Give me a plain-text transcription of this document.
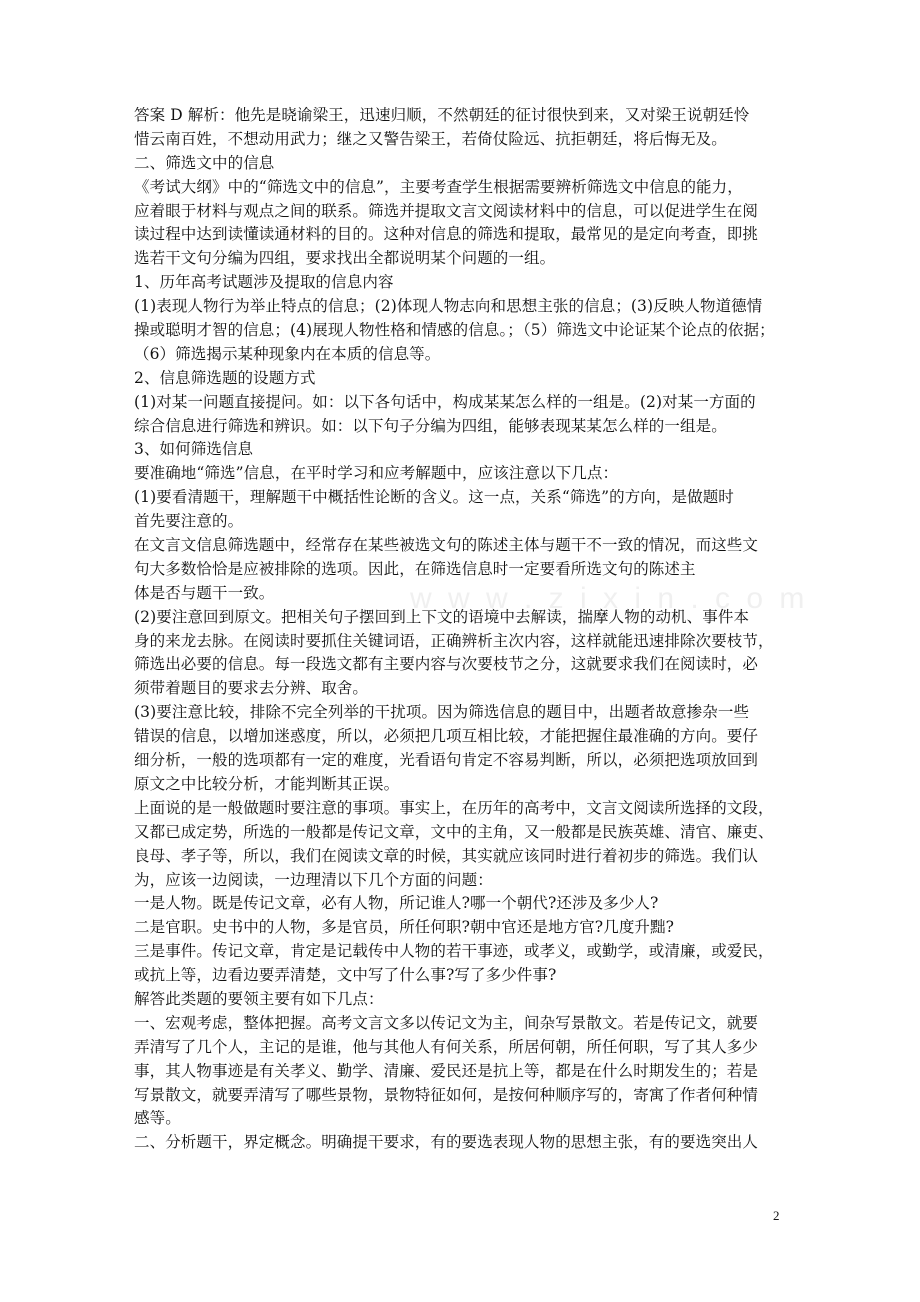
答案 D 解析：他先是晓谕梁王，迅速归顺，不然朝廷的征讨很快到来，又对梁王说朝廷怜
惜云南百姓，不想动用武力；继之又警告梁王，若倚仗险远、抗拒朝廷，将后悔无及。
二、筛选文中的信息
《考试大纲》中的“筛选文中的信息”，主要考查学生根据需要辨析筛选文中信息的能力，
应着眼于材料与观点之间的联系。筛选并提取文言文阅读材料中的信息，可以促进学生在阅
读过程中达到读懂读通材料的目的。这种对信息的筛选和提取，最常见的是定向考查，即挑
选若干文句分编为四组，要求找出全都说明某个问题的一组。
1、历年高考试题涉及提取的信息内容
(1)表现人物行为举止特点的信息；(2)体现人物志向和思想主张的信息；(3)反映人物道德情
操或聪明才智的信息；(4)展现人物性格和情感的信息。；（5）筛选文中论证某个论点的依据；
（6）筛选揭示某种现象内在本质的信息等。
2、信息筛选题的设题方式
(1)对某一问题直接提问。如：以下各句话中，构成某某怎么样的一组是。(2)对某一方面的
综合信息进行筛选和辨识。如：以下句子分编为四组，能够表现某某怎么样的一组是。
3、如何筛选信息
要准确地“筛选”信息，在平时学习和应考解题中，应该注意以下几点：
(1)要看清题干，理解题干中概括性论断的含义。这一点，关系“筛选”的方向，是做题时
首先要注意的。
在文言文信息筛选题中，经常存在某些被选文句的陈述主体与题干不一致的情况，而这些文
句大多数恰恰是应被排除的选项。因此，在筛选信息时一定要看所选文句的陈述主
体是否与题干一致。
(2)要注意回到原文。把相关句子摆回到上下文的语境中去解读，揣摩人物的动机、事件本
身的来龙去脉。在阅读时要抓住关键词语，正确辨析主次内容，这样就能迅速排除次要枝节，
筛选出必要的信息。每一段选文都有主要内容与次要枝节之分，这就要求我们在阅读时，必
须带着题目的要求去分辨、取舍。
(3)要注意比较，排除不完全列举的干扰项。因为筛选信息的题目中，出题者故意掺杂一些
错误的信息，以增加迷惑度，所以，必须把几项互相比较，才能把握住最准确的方向。要仔
细分析，一般的选项都有一定的难度，光看语句肯定不容易判断，所以，必须把选项放回到
原文之中比较分析，才能判断其正误。
上面说的是一般做题时要注意的事项。事实上，在历年的高考中，文言文阅读所选择的文段，
又都已成定势，所选的一般都是传记文章，文中的主角，又一般都是民族英雄、清官、廉吏、
良母、孝子等，所以，我们在阅读文章的时候，其实就应该同时进行着初步的筛选。我们认
为，应该一边阅读，一边理清以下几个方面的问题：
一是人物。既是传记文章，必有人物，所记谁人?哪一个朝代?还涉及多少人?
二是官职。史书中的人物，多是官员，所任何职?朝中官还是地方官?几度升黜?
三是事件。传记文章，肯定是记载传中人物的若干事迹，或孝义，或勤学，或清廉，或爱民，
或抗上等，边看边要弄清楚，文中写了什么事?写了多少件事?
解答此类题的要领主要有如下几点：
一、宏观考虑，整体把握。高考文言文多以传记文为主，间杂写景散文。若是传记文，就要
弄清写了几个人，主记的是谁，他与其他人有何关系，所居何朝，所任何职，写了其人多少
事，其人物事迹是有关孝义、勤学、清廉、爱民还是抗上等，都是在什么时期发生的；若是
写景散文，就要弄清写了哪些景物，景物特征如何，是按何种顺序写的，寄寓了作者何种情
感等。
二、分析题干，界定概念。明确提干要求，有的要选表现人物的思想主张，有的要选突出人
w w w . z i x i n . c o m
2
